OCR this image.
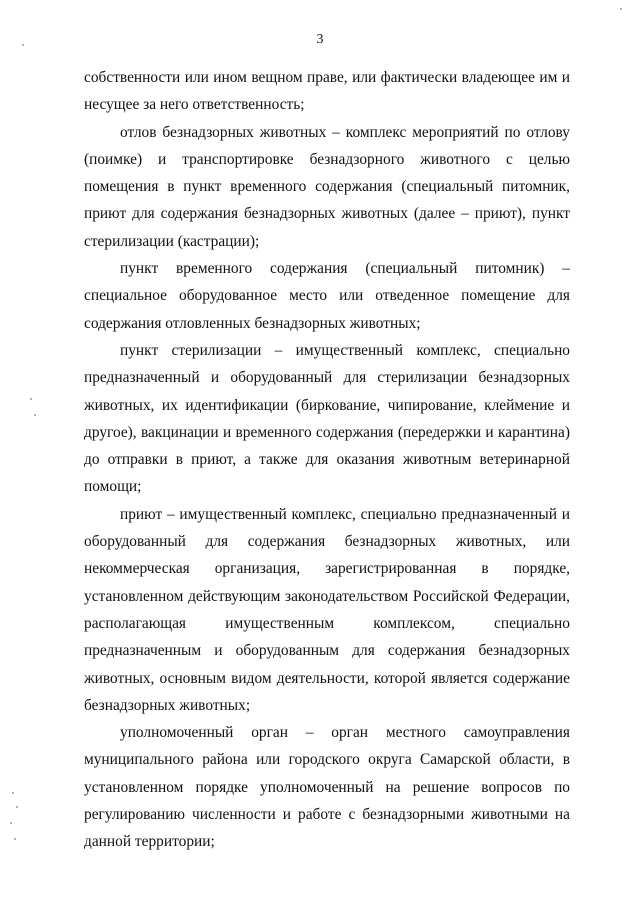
3

собственности или ином вещном праве, или фактически владеющее им и несущее за него ответственность;

отлов безнадзорных животных – комплекс мероприятий по отлову (поимке) и транспортировке безнадзорного животного с целью помещения в пункт временного содержания (специальный питомник, приют для содержания безнадзорных животных (далее – приют), пункт стерилизации (кастрации);

пункт временного содержания (специальный питомник) – специальное оборудованное место или отведенное помещение для содержания отловленных безнадзорных животных;

пункт стерилизации – имущественный комплекс, специально предназначенный и оборудованный для стерилизации безнадзорных животных, их идентификации (биркование, чипирование, клеймение и другое), вакцинации и временного содержания (передержки и карантина) до отправки в приют, а также для оказания животным ветеринарной помощи;

приют – имущественный комплекс, специально предназначенный и оборудованный для содержания безнадзорных животных, или некоммерческая организация, зарегистрированная в порядке, установленном действующим законодательством Российской Федерации, располагающая имущественным комплексом, специально предназначенным и оборудованным для содержания безнадзорных животных, основным видом деятельности, которой является содержание безнадзорных животных;

уполномоченный орган – орган местного самоуправления муниципального района или городского округа Самарской области, в установленном порядке уполномоченный на решение вопросов по регулированию численности и работе с безнадзорными животными на данной территории;
